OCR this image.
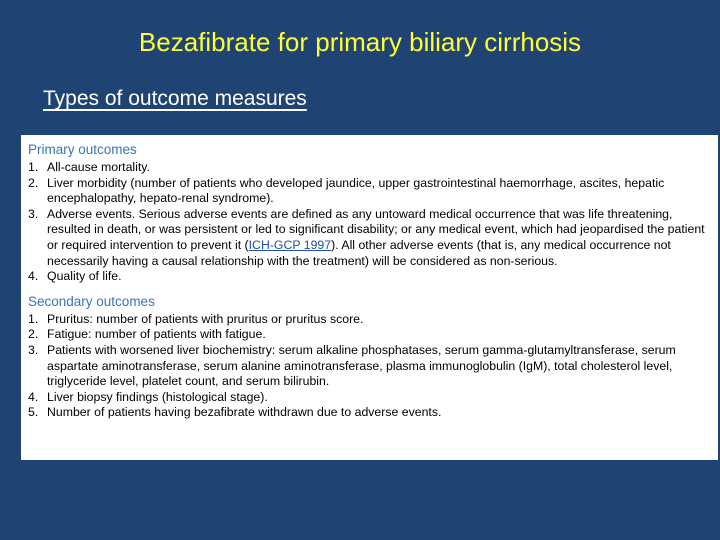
Bezafibrate for primary biliary cirrhosis
Types of outcome measures
Primary outcomes
1. All-cause mortality.
2. Liver morbidity (number of patients who developed jaundice, upper gastrointestinal haemorrhage, ascites, hepatic encephalopathy, hepato-renal syndrome).
3. Adverse events. Serious adverse events are defined as any untoward medical occurrence that was life threatening, resulted in death, or was persistent or led to significant disability; or any medical event, which had jeopardised the patient or required intervention to prevent it (ICH-GCP 1997). All other adverse events (that is, any medical occurrence not necessarily having a causal relationship with the treatment) will be considered as non-serious.
4. Quality of life.
Secondary outcomes
1. Pruritus: number of patients with pruritus or pruritus score.
2. Fatigue: number of patients with fatigue.
3. Patients with worsened liver biochemistry: serum alkaline phosphatases, serum gamma-glutamyltransferase, serum aspartate aminotransferase, serum alanine aminotransferase, plasma immunoglobulin (IgM), total cholesterol level, triglyceride level, platelet count, and serum bilirubin.
4. Liver biopsy findings (histological stage).
5. Number of patients having bezafibrate withdrawn due to adverse events.
